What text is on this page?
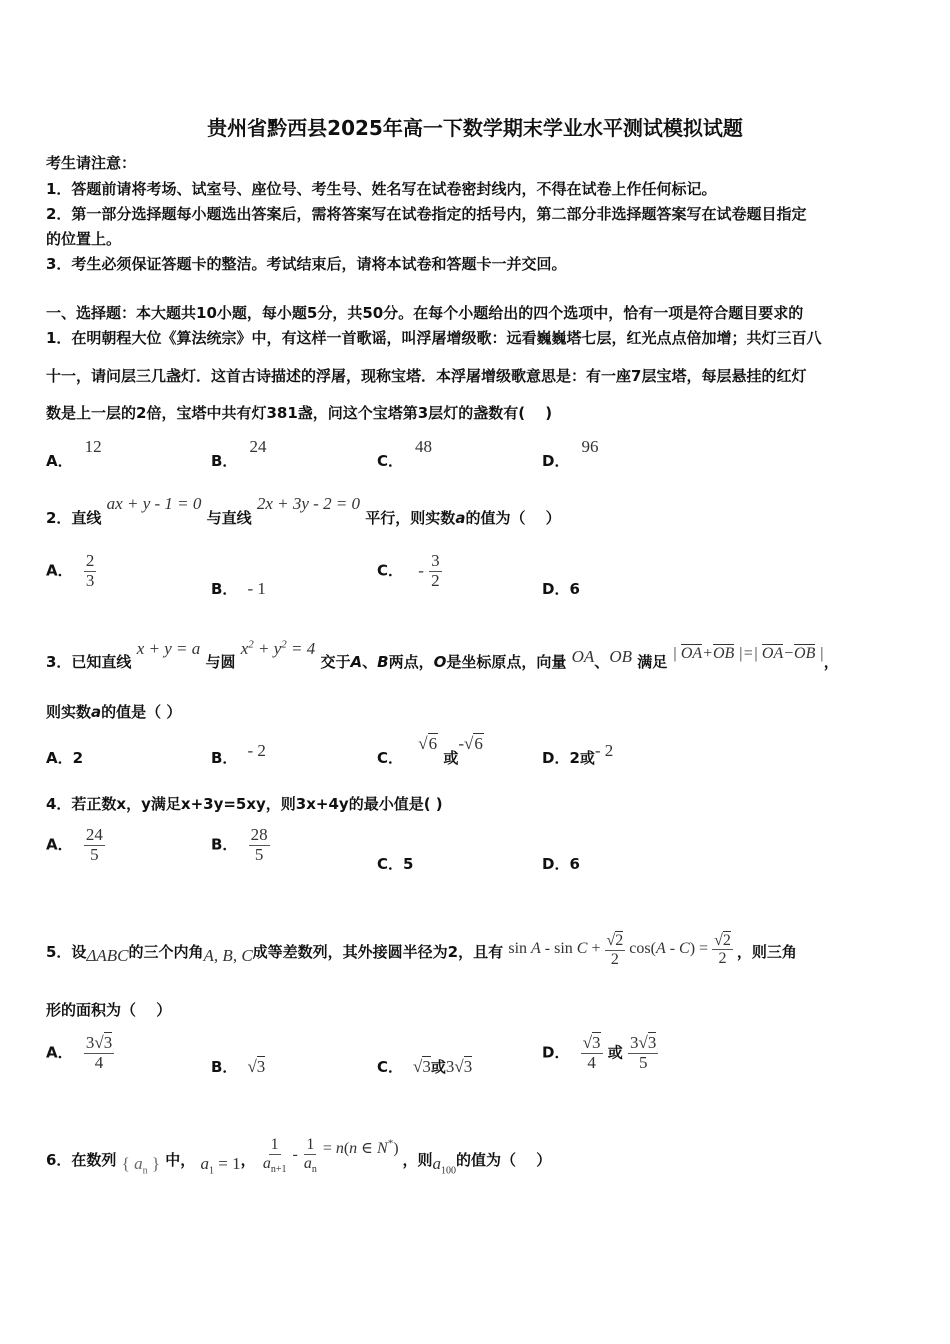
贵州省黔西县2025年高一下数学期末学业水平测试模拟试题
考生请注意：
1．答题前请将考场、试室号、座位号、考生号、姓名写在试卷密封线内，不得在试卷上作任何标记。
2．第一部分选择题每小题选出答案后，需将答案写在试卷指定的括号内，第二部分非选择题答案写在试卷题目指定
的位置上。
3．考生必须保证答题卡的整洁。考试结束后，请将本试卷和答题卡一并交回。
一、选择题：本大题共10小题，每小题5分，共50分。在每个小题给出的四个选项中，恰有一项是符合题目要求的
1．在明朝程大位《算法统宗》中，有这样一首歌谣，叫浮屠增级歌：远看巍巍塔七层，红光点点倍加增；共灯三百八
十一，请问层三几盏灯．这首古诗描述的浮屠，现称宝塔．本浮屠增级歌意思是：有一座7层宝塔，每层悬挂的红灯
数是上一层的2倍，宝塔中共有灯381盏，问这个宝塔第3层灯的盏数有(　 )
A．12
B．24
C．48
D．96
2．直线 ax + y - 1 = 0 与直线 2x + 3y - 2 = 0 平行，则实数a的值为（　 ）
A． $\frac{2}{3}$	B． - 1
C． - $\frac{3}{2}$	D．6
3．已知直线 x + y = a 与圆 $x^2 + y^2 = 4$ 交于A、B两点，O是坐标原点，向量 OA、OB 满足 | OA+OB |=| OA−OB |，
则实数a的值是（ ）
A．2	B． - 2	C． √6 或-√6
D．2或- 2
4．若正数x，y满足x+3y=5xy，则3x+4y的最小值是( )
A． $\frac{24}{5}$	B． $\frac{28}{5}$	C．5	D．6
5．设ΔABC的三个内角A, B, C成等差数列，其外接圆半径为2，且有 $\sin A - \sin C + \frac{√2}{2} \cos(A - C) = \frac{√2}{2}$ ，则三角
形的面积为（　 ）
A． $\frac{3√3}{4}$	B． √3	C． √3或3√3
D． $\frac{√3}{4}$ 或 $\frac{3√3}{5}$
6．在数列 { $a_n$ } 中， $a_1 = 1$， $\frac{1}{a_{n+1}} - \frac{1}{a_n} = n(n$ ∈ N*) ，则$a_{100}$的值为（　 ）
